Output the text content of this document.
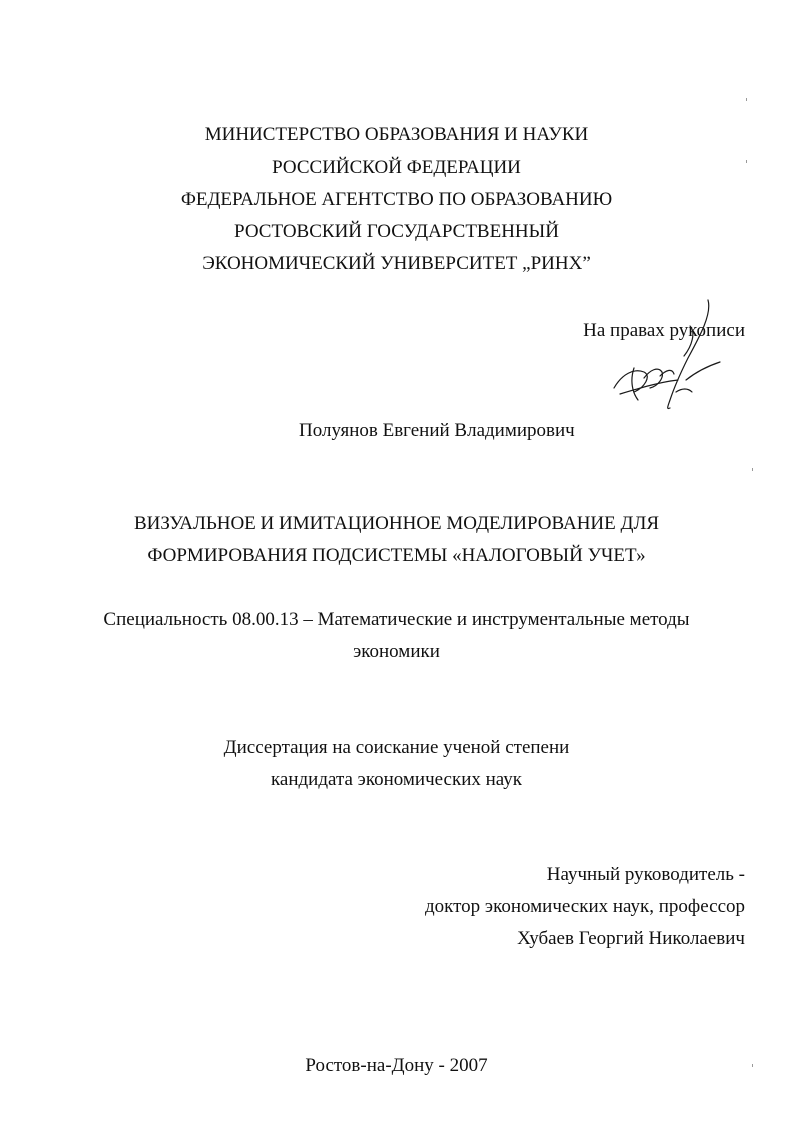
МИНИСТЕРСТВО ОБРАЗОВАНИЯ И НАУКИ
РОССИЙСКОЙ ФЕДЕРАЦИИ
ФЕДЕРАЛЬНОЕ АГЕНТСТВО ПО ОБРАЗОВАНИЮ
РОСТОВСКИЙ ГОСУДАРСТВЕННЫЙ
ЭКОНОМИЧЕСКИЙ УНИВЕРСИТЕТ „РИНХ”
На правах рукописи
Полуянов Евгений Владимирович
ВИЗУАЛЬНОЕ И ИМИТАЦИОННОЕ МОДЕЛИРОВАНИЕ ДЛЯ
ФОРМИРОВАНИЯ ПОДСИСТЕМЫ «НАЛОГОВЫЙ УЧЕТ»
Специальность 08.00.13 – Математические и инструментальные методы
экономики
Диссертация на соискание ученой степени
кандидата экономических наук
Научный руководитель -
доктор экономических наук, профессор
Хубаев Георгий Николаевич
Ростов-на-Дону - 2007
